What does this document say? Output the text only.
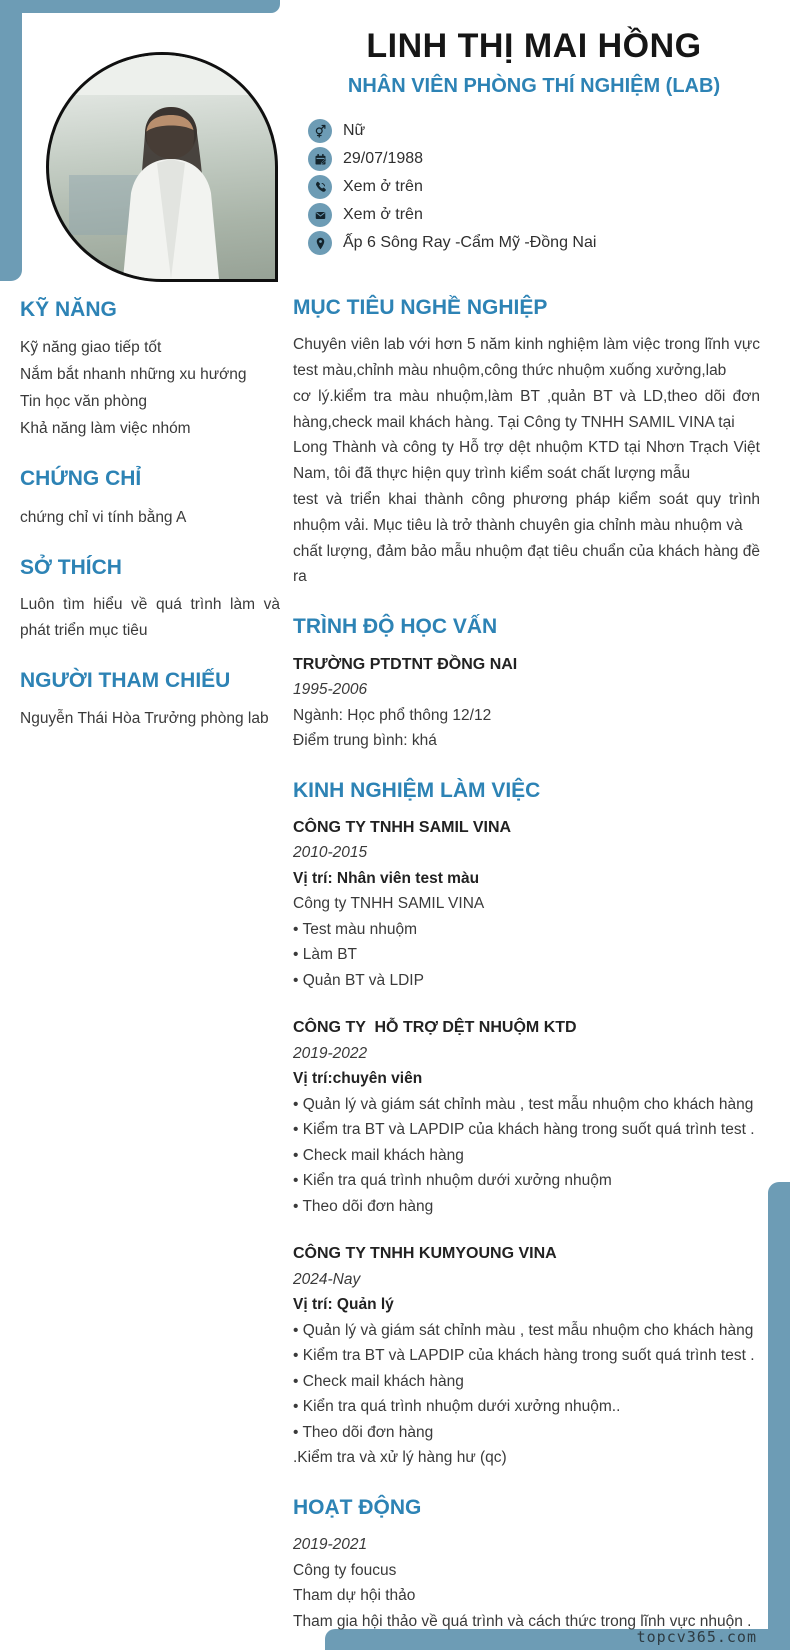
topcv365.com
LINH THỊ MAI HỒNG
NHÂN VIÊN PHÒNG THÍ NGHIỆM (LAB)
Nữ
29/07/1988
Xem ở trên
Xem ở trên
Ấp 6 Sông Ray -Cẩm Mỹ -Đồng Nai
KỸ NĂNG
Kỹ năng giao tiếp tốt
Nắm bắt nhanh những xu hướng
Tin học văn phòng
Khả năng làm việc nhóm
CHỨNG CHỈ
chứng chỉ vi tính bằng A
SỞ THÍCH
Luôn tìm hiểu về quá trình làm và phát triển mục tiêu
NGƯỜI THAM CHIẾU
Nguyễn Thái Hòa Trưởng phòng lab
MỤC TIÊU NGHỀ NGHIỆP

Chuyên viên lab với hơn 5 năm kinh nghiệm làm việc trong lĩnh vực test màu,chỉnh màu nhuộm,công thức nhuộm xuống xưởng,lab

cơ lý.kiểm tra màu nhuộm,làm BT ,quản BT và LD,theo dõi đơn hàng,check mail khách hàng. Tại Công ty TNHH SAMIL VINA tại

Long Thành và công ty Hỗ trợ dệt nhuộm KTD tại Nhơn Trạch Việt Nam, tôi đã thực hiện quy trình kiểm soát chất lượng mẫu

test và triển khai thành công phương pháp kiểm soát quy trình nhuộm vải. Mục tiêu là trở thành chuyên gia chỉnh màu nhuộm và

chất lượng, đảm bảo mẫu nhuộm đạt tiêu chuẩn của khách hàng đề ra

TRÌNH ĐỘ HỌC VẤN
TRƯỜNG PTDTNT ĐỒNG NAI
1995-2006
Ngành: Học phổ thông 12/12
Điểm trung bình: khá
KINH NGHIỆM LÀM VIỆC
CÔNG TY TNHH SAMIL VINA
2010-2015
Vị trí: Nhân viên test màu
Công ty TNHH SAMIL VINA
• Test màu nhuộm
• Làm BT
• Quản BT và LDIP
CÔNG TY  HỖ TRỢ DỆT NHUỘM KTD
2019-2022
Vị trí:chuyên viên
• Quản lý và giám sát chỉnh màu , test mẫu nhuộm cho khách hàng
• Kiểm tra BT và LAPDIP của khách hàng trong suốt quá trình test .
• Check mail khách hàng
• Kiển tra quá trình nhuộm dưới xưởng nhuộm
• Theo dõi đơn hàng
CÔNG TY TNHH KUMYOUNG VINA
2024-Nay
Vị trí: Quản lý
• Quản lý và giám sát chỉnh màu , test mẫu nhuộm cho khách hàng
• Kiểm tra BT và LAPDIP của khách hàng trong suốt quá trình test .
• Check mail khách hàng
• Kiển tra quá trình nhuộm dưới xưởng nhuộm..
• Theo dõi đơn hàng
.Kiểm tra và xử lý hàng hư (qc)
HOẠT ĐỘNG
2019-2021
Công ty foucus
Tham dự hội thảo
Tham gia hội thảo về quá trình và cách thức trong lĩnh vực nhuộn .
